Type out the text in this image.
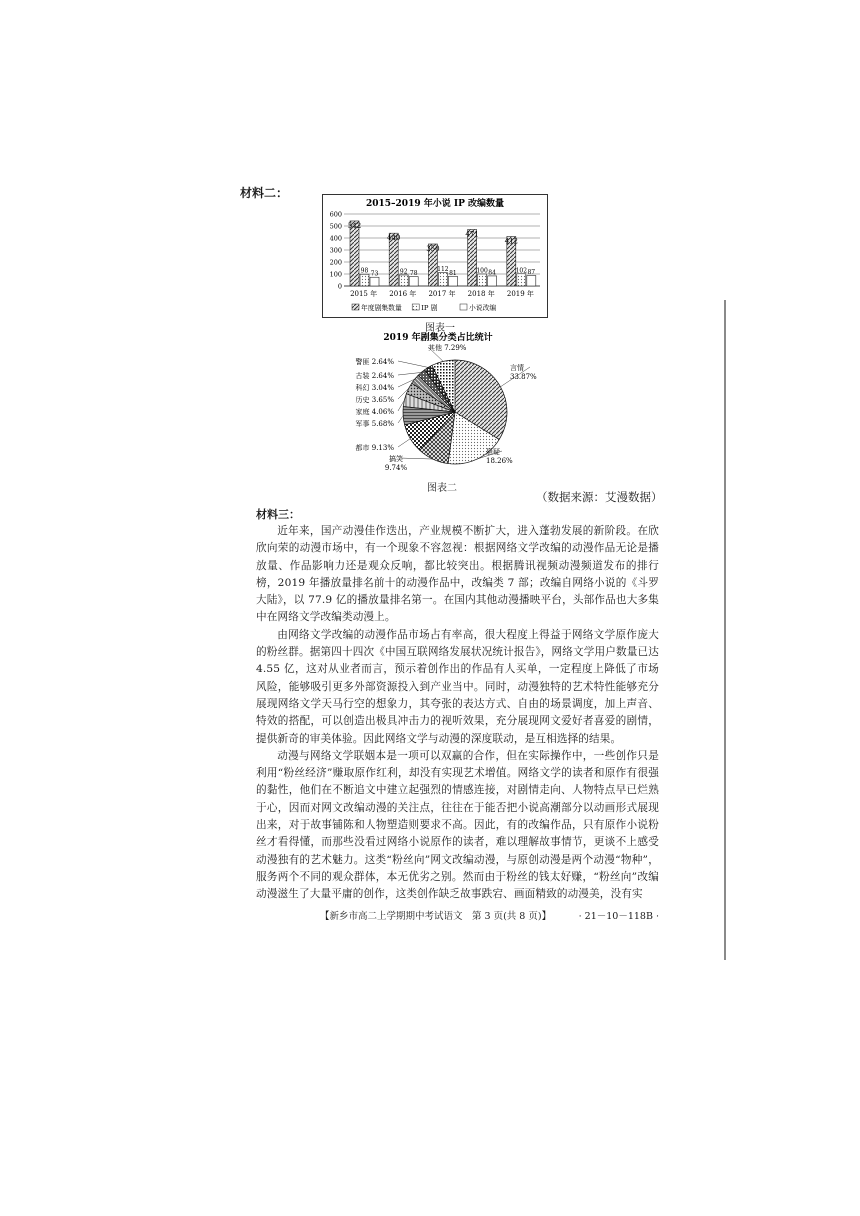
材料二：
2015–2019 年小说 IP 改编数量
0
100
200
300
400
500
600
542
98 73
2015 年
440
92 78
2016 年
350
112
81
2017 年
471
100 84
2018 年
412
102 87
2019 年
年度剧集数量	IP 剧	小说改编
图表一
2019 年剧集分类占比统计
言情
33.87%
悬疑
18.26%
搞笑
9.74%
都市 9.13%
军事 5.68%
家庭 4.06%
历史 3.65%
科幻 3.04%
古装 2.64%
警匪 2.64%
其他 7.29%
图表二
（数据来源：艾漫数据）
材料三：

近年来，国产动漫佳作迭出，产业规模不断扩大，进入蓬勃发展的新阶段。在欣欣向荣的动漫市场中，有一个现象不容忽视：根据网络文学改编的动漫作品无论是播放量、作品影响力还是观众反响，都比较突出。根据腾讯视频动漫频道发布的排行榜，2019 年播放量排名前十的动漫作品中，改编类 7 部；改编自网络小说的《斗罗大陆》，以 77.9 亿的播放量排名第一。在国内其他动漫播映平台，头部作品也大多集中在网络文学改编类动漫上。

由网络文学改编的动漫作品市场占有率高，很大程度上得益于网络文学原作庞大的粉丝群。据第四十四次《中国互联网络发展状况统计报告》，网络文学用户数量已达 4.55 亿，这对从业者而言，预示着创作出的作品有人买单，一定程度上降低了市场风险，能够吸引更多外部资源投入到产业当中。同时，动漫独特的艺术特性能够充分展现网络文学天马行空的想象力，其夸张的表达方式、自由的场景调度，加上声音、特效的搭配，可以创造出极具冲击力的视听效果，充分展现网文爱好者喜爱的剧情，提供新奇的审美体验。因此网络文学与动漫的深度联动，是互相选择的结果。

动漫与网络文学联姻本是一项可以双赢的合作，但在实际操作中，一些创作只是利用“粉丝经济”赚取原作红利，却没有实现艺术增值。网络文学的读者和原作有很强的黏性，他们在不断追文中建立起强烈的情感连接，对剧情走向、人物特点早已烂熟于心，因而对网文改编动漫的关注点，往往在于能否把小说高潮部分以动画形式展现出来，对于故事铺陈和人物塑造则要求不高。因此，有的改编作品，只有原作小说粉丝才看得懂，而那些没看过网络小说原作的读者，难以理解故事情节，更谈不上感受动漫独有的艺术魅力。这类“粉丝向”网文改编动漫，与原创动漫是两个动漫“物种”，服务两个不同的观众群体，本无优劣之别。然而由于粉丝的钱太好赚，“粉丝向”改编动漫滋生了大量平庸的创作，这类创作缺乏故事跌宕、画面精致的动漫美，没有实

【新乡市高二上学期期中考试语文　第 3 页(共 8 页)】	· 21－10－118B ·
